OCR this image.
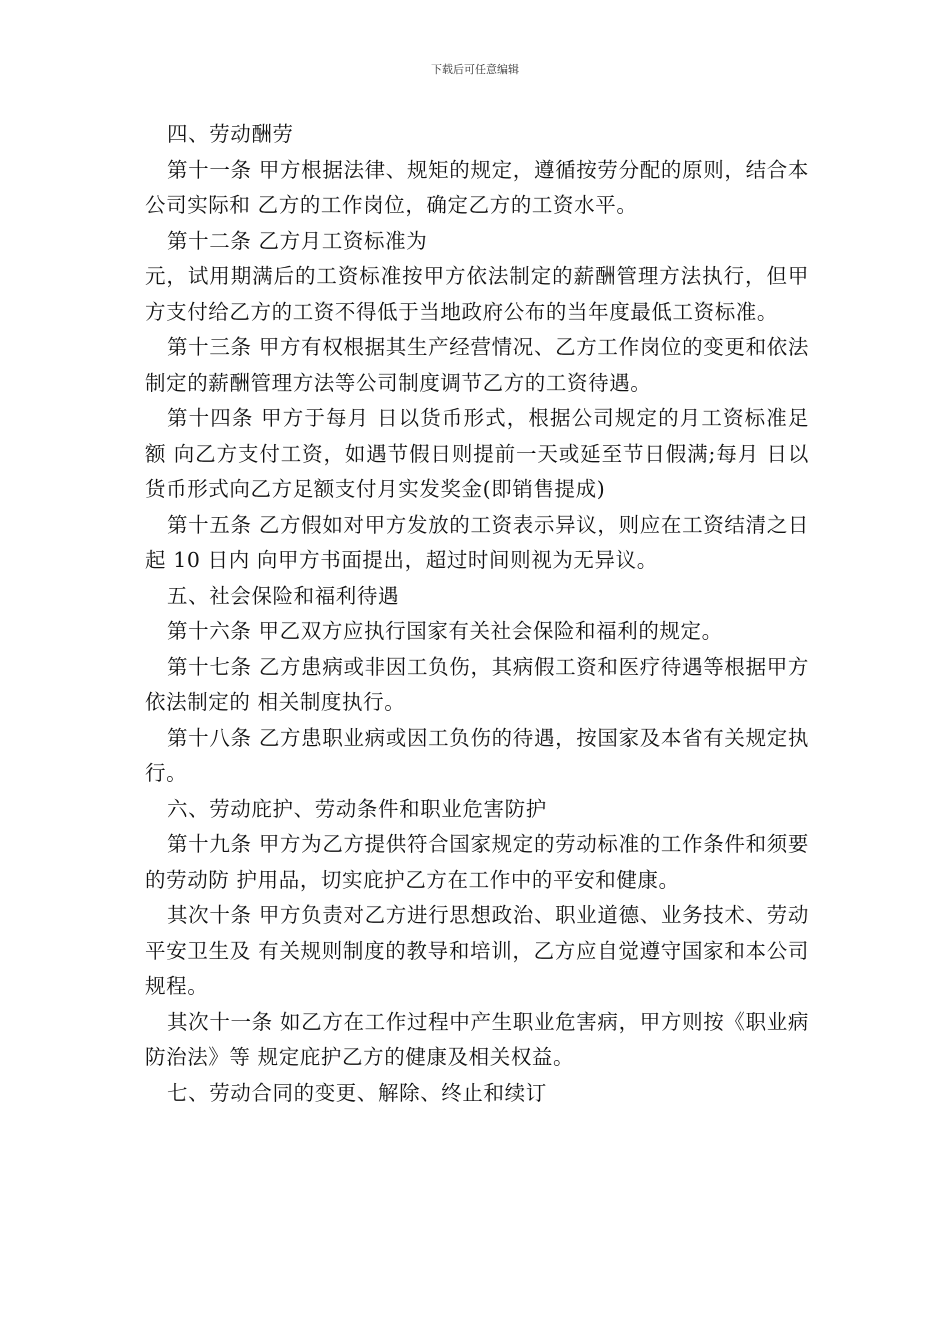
下载后可任意编辑

四、劳动酬劳

第十一条 甲方根据法律、规矩的规定，遵循按劳分配的原则，结合本公司实际和 乙方的工作岗位，确定乙方的工资水平。

第十二条 乙方月工资标准为

元，试用期满后的工资标准按甲方依法制定的薪酬管理方法执行，但甲方支付给乙方的工资不得低于当地政府公布的当年度最低工资标准。

第十三条 甲方有权根据其生产经营情况、乙方工作岗位的变更和依法制定的薪酬管理方法等公司制度调节乙方的工资待遇。

第十四条 甲方于每月 日以货币形式，根据公司规定的月工资标准足额 向乙方支付工资，如遇节假日则提前一天或延至节日假满;每月 日以货币形式向乙方足额支付月实发奖金(即销售提成)

第十五条 乙方假如对甲方发放的工资表示异议，则应在工资结清之日起 10 日内 向甲方书面提出，超过时间则视为无异议。

五、社会保险和福利待遇

第十六条 甲乙双方应执行国家有关社会保险和福利的规定。

第十七条 乙方患病或非因工负伤，其病假工资和医疗待遇等根据甲方依法制定的 相关制度执行。

第十八条 乙方患职业病或因工负伤的待遇，按国家及本省有关规定执行。

六、劳动庇护、劳动条件和职业危害防护

第十九条 甲方为乙方提供符合国家规定的劳动标准的工作条件和须要的劳动防 护用品，切实庇护乙方在工作中的平安和健康。

其次十条 甲方负责对乙方进行思想政治、职业道德、业务技术、劳动平安卫生及 有关规则制度的教导和培训，乙方应自觉遵守国家和本公司规程。

其次十一条 如乙方在工作过程中产生职业危害病，甲方则按《职业病防治法》等 规定庇护乙方的健康及相关权益。

七、劳动合同的变更、解除、终止和续订
